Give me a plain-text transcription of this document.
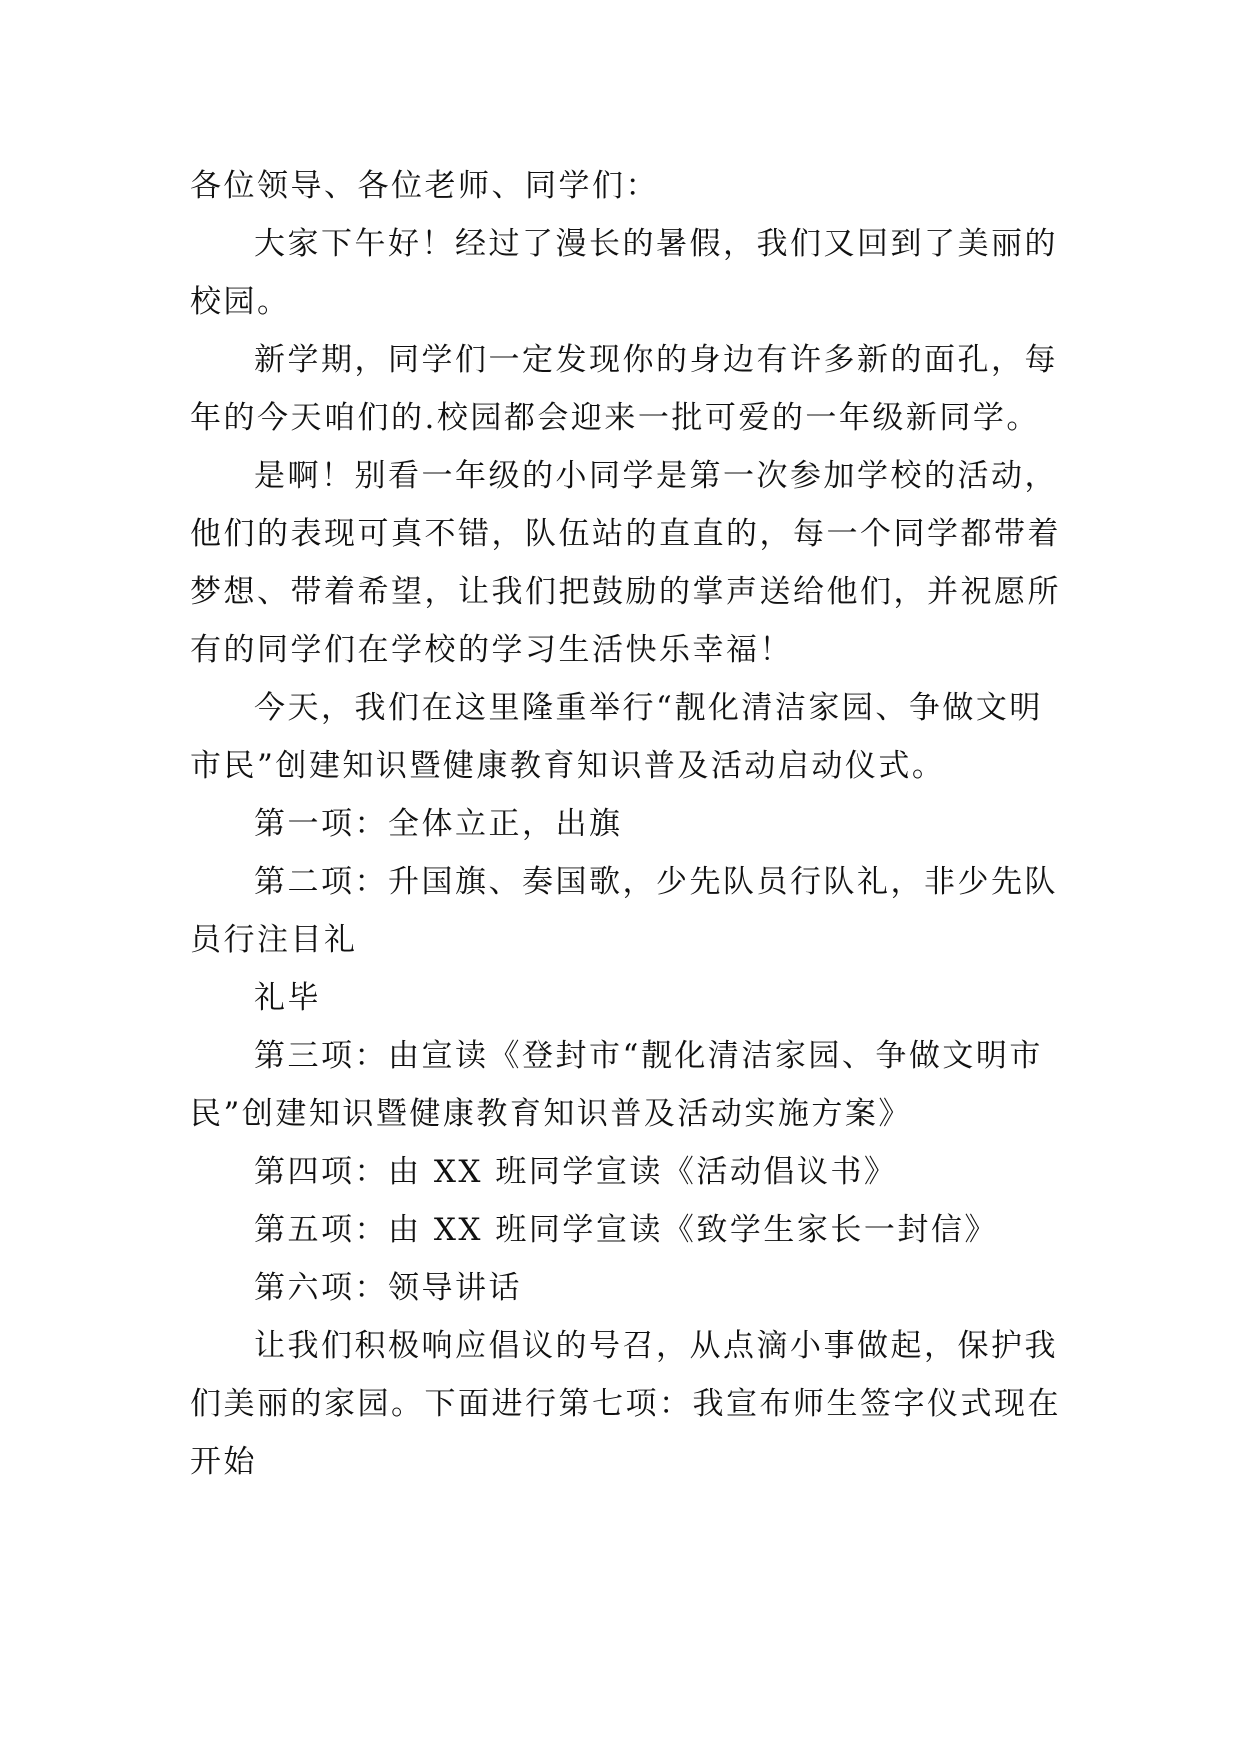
各位领导、各位老师、同学们：
大家下午好！经过了漫长的暑假，我们又回到了美丽的
校园。
新学期，同学们一定发现你的身边有许多新的面孔，每
年的今天咱们的.校园都会迎来一批可爱的一年级新同学。
是啊！别看一年级的小同学是第一次参加学校的活动，
他们的表现可真不错，队伍站的直直的，每一个同学都带着
梦想、带着希望，让我们把鼓励的掌声送给他们，并祝愿所
有的同学们在学校的学习生活快乐幸福！
今天，我们在这里隆重举行“靓化清洁家园、争做文明
市民”创建知识暨健康教育知识普及活动启动仪式。
第一项：全体立正，出旗
第二项：升国旗、奏国歌，少先队员行队礼，非少先队
员行注目礼
礼毕
第三项：由宣读《登封市“靓化清洁家园、争做文明市
民”创建知识暨健康教育知识普及活动实施方案》
第四项：由 XX 班同学宣读《活动倡议书》
第五项：由 XX 班同学宣读《致学生家长一封信》
第六项：领导讲话
让我们积极响应倡议的号召，从点滴小事做起，保护我
们美丽的家园。下面进行第七项：我宣布师生签字仪式现在
开始
